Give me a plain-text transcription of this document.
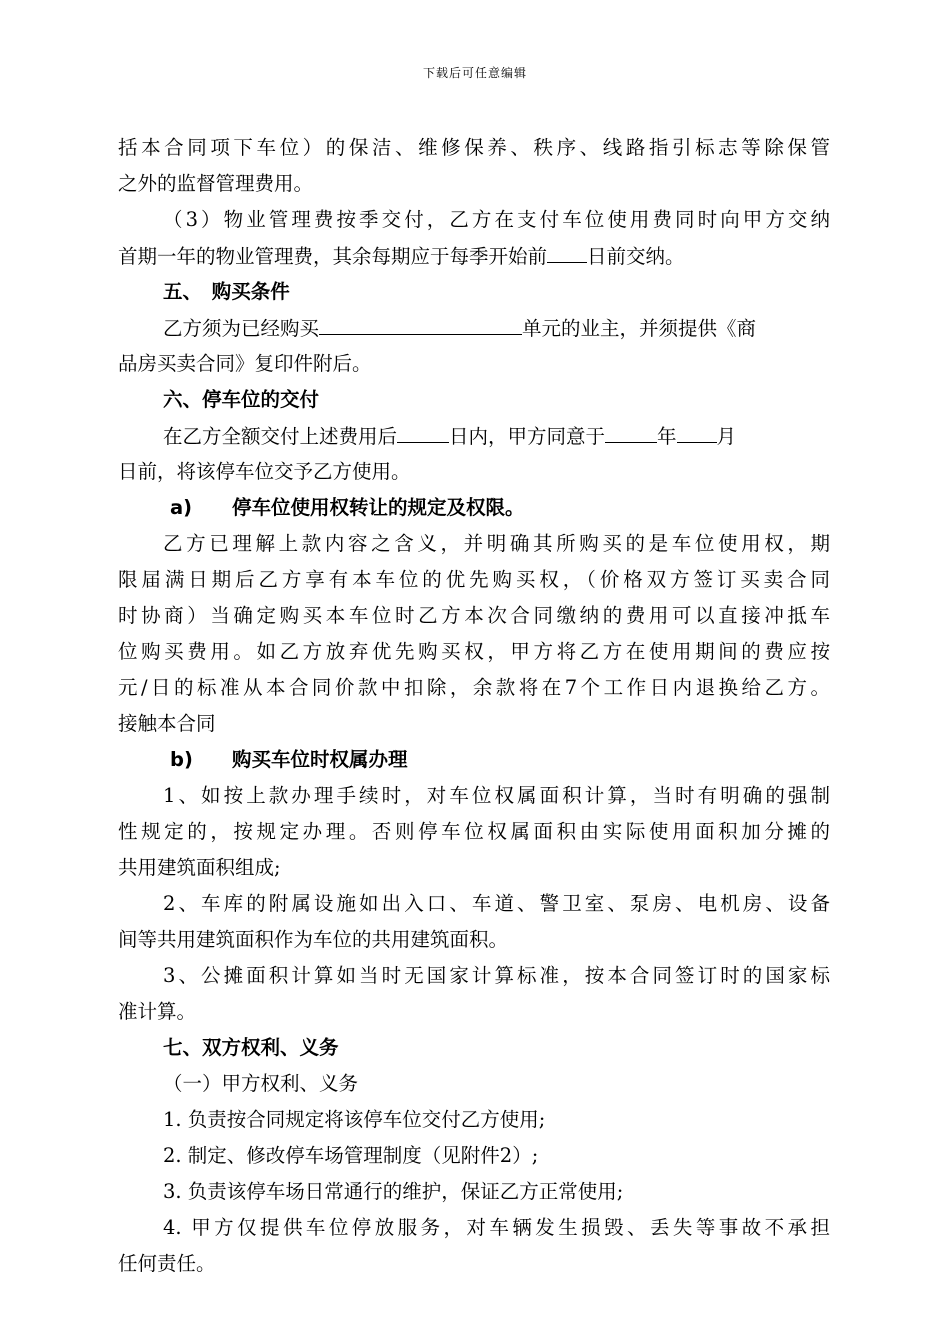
下载后可任意编辑
括本合同项下车位）的保洁、维修保养、秩序、线路指引标志等除保管
之外的监督管理费用。
（3）物业管理费按季交付，乙方在支付车位使用费同时向甲方交纳
首期一年的物业管理费，其余每期应于每季开始前 日前交纳。
五、　购买条件
乙方须为已经购买	单元的业主，并须提供《商
品房买卖合同》复印件附后。
六、停车位的交付
在乙方全额交付上述费用后	日内，甲方同意于	年 月
日前，将该停车位交予乙方使用。
a) 停车位使用权转让的规定及权限。
乙方已理解上款内容之含义，并明确其所购买的是车位使用权，期
限届满日期后乙方享有本车位的优先购买权，（价格双方签订买卖合同
时协商）当确定购买本车位时乙方本次合同缴纳的费用可以直接冲抵车
位购买费用。如乙方放弃优先购买权，甲方将乙方在使用期间的费应按
元/日的标准从本合同价款中扣除，余款将在7个工作日内退换给乙方。
接触本合同
b) 购买车位时权属办理
1、如按上款办理手续时，对车位权属面积计算，当时有明确的强制
性规定的，按规定办理。否则停车位权属面积由实际使用面积加分摊的
共用建筑面积组成;
2、车库的附属设施如出入口、车道、警卫室、泵房、电机房、设备
间等共用建筑面积作为车位的共用建筑面积。
3、公摊面积计算如当时无国家计算标准，按本合同签订时的国家标
准计算。
七、双方权利、义务
（一）甲方权利、义务
1. 负责按合同规定将该停车位交付乙方使用;
2. 制定、修改停车场管理制度（见附件2）;
3. 负责该停车场日常通行的维护，保证乙方正常使用;
4. 甲方仅提供车位停放服务，对车辆发生损毁、丢失等事故不承担
任何责任。
